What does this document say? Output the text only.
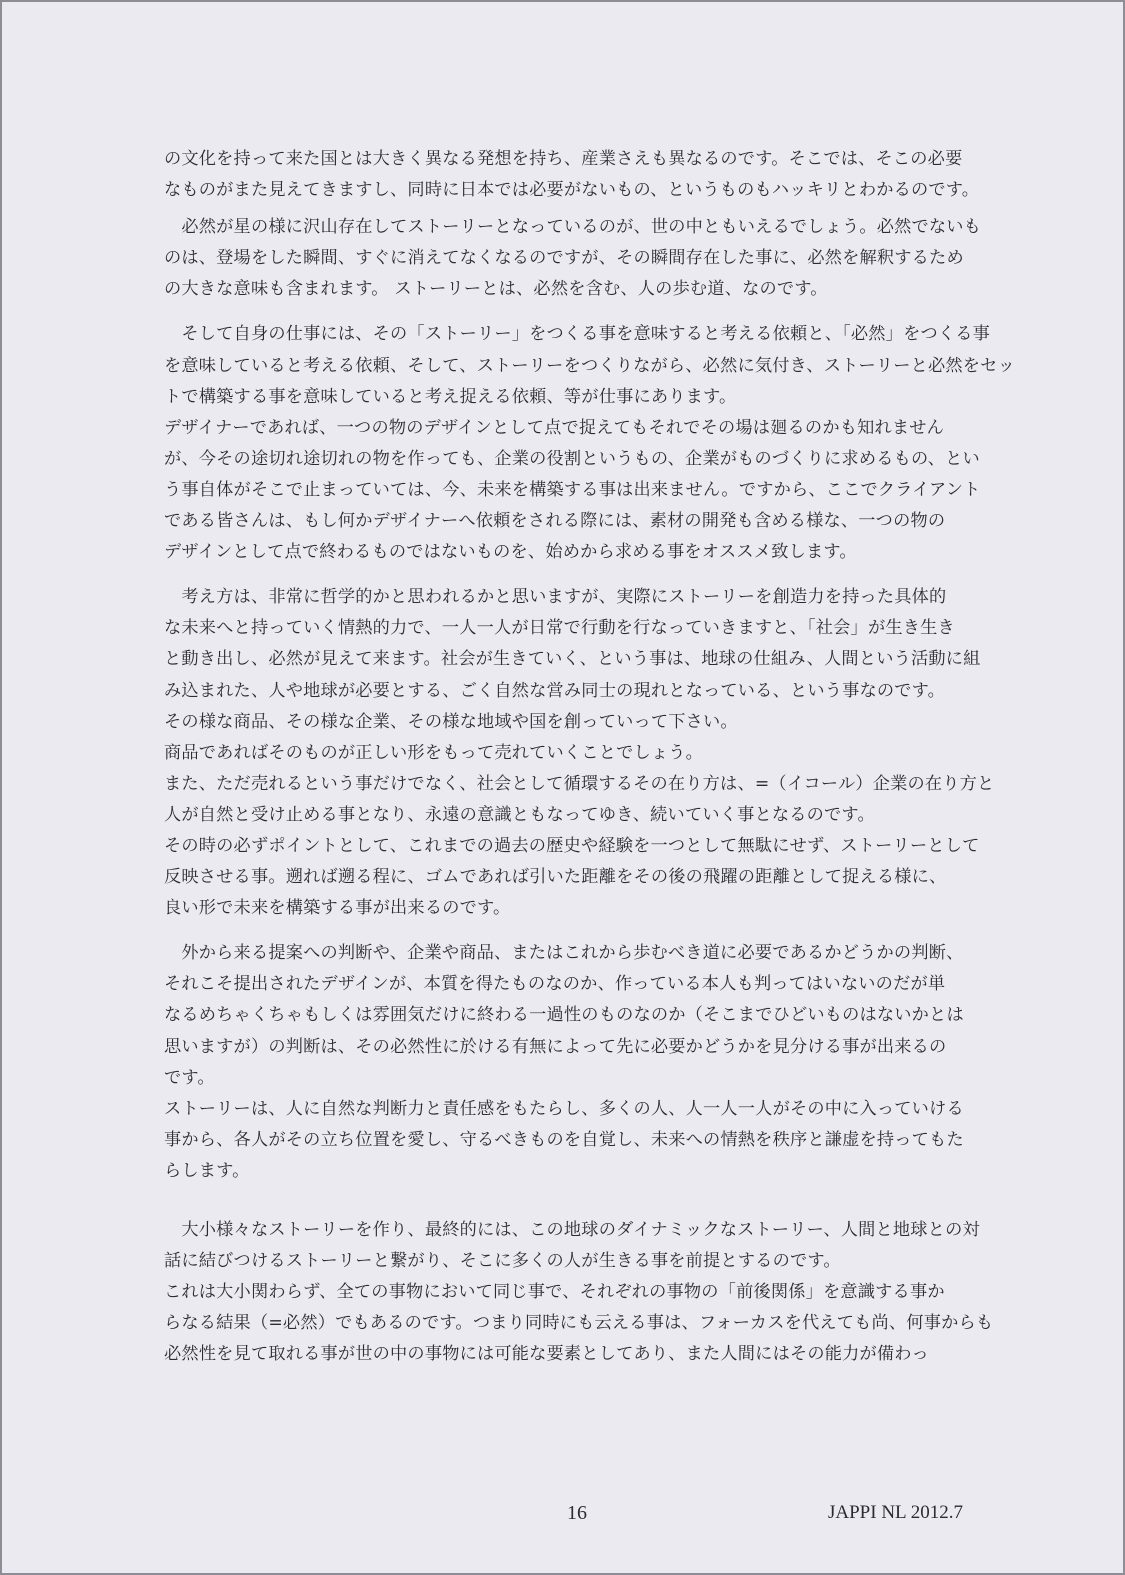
の文化を持って来た国とは大きく異なる発想を持ち、産業さえも異なるのです。そこでは、そこの必要
なものがまた見えてきますし、同時に日本では必要がないもの、というものもハッキリとわかるのです。
　必然が星の様に沢山存在してストーリーとなっているのが、世の中ともいえるでしょう。必然でないも
のは、登場をした瞬間、すぐに消えてなくなるのですが、その瞬間存在した事に、必然を解釈するため
の大きな意味も含まれます。 ストーリーとは、必然を含む、人の歩む道、なのです。
　そして自身の仕事には、その「ストーリー」をつくる事を意味すると考える依頼と、「必然」をつくる事
を意味していると考える依頼、そして、ストーリーをつくりながら、必然に気付き、ストーリーと必然をセッ
トで構築する事を意味していると考え捉える依頼、等が仕事にあります。
デザイナーであれば、一つの物のデザインとして点で捉えてもそれでその場は廻るのかも知れません
が、今その途切れ途切れの物を作っても、企業の役割というもの、企業がものづくりに求めるもの、とい
う事自体がそこで止まっていては、今、未来を構築する事は出来ません。ですから、ここでクライアント
である皆さんは、もし何かデザイナーへ依頼をされる際には、素材の開発も含める様な、一つの物の
デザインとして点で終わるものではないものを、始めから求める事をオススメ致します。
　考え方は、非常に哲学的かと思われるかと思いますが、実際にストーリーを創造力を持った具体的
な未来へと持っていく情熱的力で、一人一人が日常で行動を行なっていきますと、「社会」が生き生き
と動き出し、必然が見えて来ます。社会が生きていく、という事は、地球の仕組み、人間という活動に組
み込まれた、人や地球が必要とする、ごく自然な営み同士の現れとなっている、という事なのです。
その様な商品、その様な企業、その様な地域や国を創っていって下さい。
商品であればそのものが正しい形をもって売れていくことでしょう。
また、ただ売れるという事だけでなく、社会として循環するその在り方は、=（イコール）企業の在り方と
人が自然と受け止める事となり、永遠の意識ともなってゆき、続いていく事となるのです。
その時の必ずポイントとして、これまでの過去の歴史や経験を一つとして無駄にせず、ストーリーとして
反映させる事。遡れば遡る程に、ゴムであれば引いた距離をその後の飛躍の距離として捉える様に、
良い形で未来を構築する事が出来るのです。
　外から来る提案への判断や、企業や商品、またはこれから歩むべき道に必要であるかどうかの判断、
それこそ提出されたデザインが、本質を得たものなのか、作っている本人も判ってはいないのだが単
なるめちゃくちゃもしくは雰囲気だけに終わる一過性のものなのか（そこまでひどいものはないかとは
思いますが）の判断は、その必然性に於ける有無によって先に必要かどうかを見分ける事が出来るの
です。
ストーリーは、人に自然な判断力と責任感をもたらし、多くの人、人一人一人がその中に入っていける
事から、各人がその立ち位置を愛し、守るべきものを自覚し、未来への情熱を秩序と謙虚を持ってもた
らします。
　大小様々なストーリーを作り、最終的には、この地球のダイナミックなストーリー、人間と地球との対
話に結びつけるストーリーと繋がり、そこに多くの人が生きる事を前提とするのです。
これは大小関わらず、全ての事物において同じ事で、それぞれの事物の「前後関係」を意識する事か
らなる結果（=必然）でもあるのです。つまり同時にも云える事は、フォーカスを代えても尚、何事からも
必然性を見て取れる事が世の中の事物には可能な要素としてあり、また人間にはその能力が備わっ
16	JAPPI NL 2012.7
